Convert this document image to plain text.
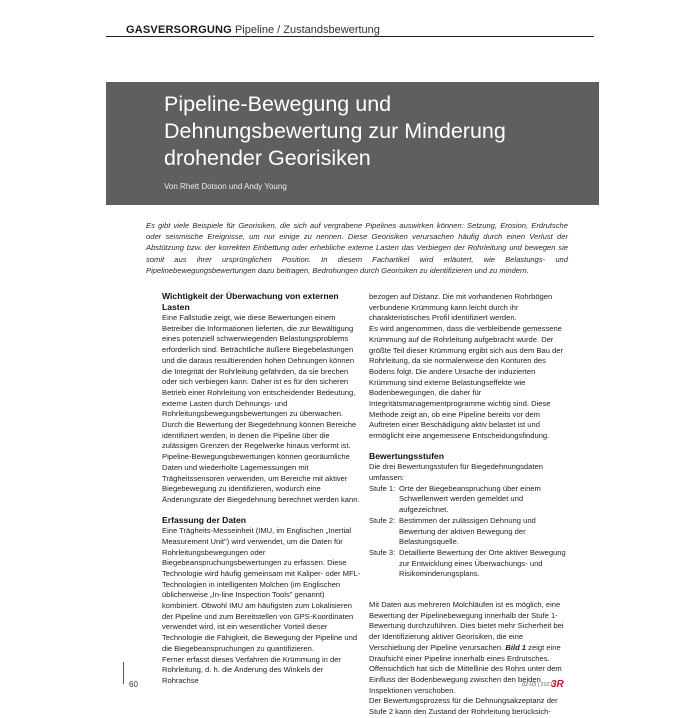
GASVERSORGUNG Pipeline / Zustandsbewertung
Pipeline-Bewegung und Dehnungsbewertung zur Minderung drohender Georisiken
Von Rhett Dotson und Andy Young

Es gibt viele Beispiele für Georisiken, die sich auf vergrabene Pipelines auswirken können: Setzung, Erosion, Erdrutsche oder seismische Ereignisse, um nur einige zu nennen. Diese Georisiken verursachen häufig durch einen Verlust der Abstützung bzw. der korrekten Einbettung oder erhebliche externe Lasten das Verbiegen der Rohrleitung und bewegen sie somit aus ihrer ursprünglichen Position. In diesem Fachartikel wird erläutert, wie Belastungs- und Pipelinebewegungsbewertungen dazu beitragen, Bedrohungen durch Georisiken zu identifizieren und zu mindern.

Wichtigkeit der Überwachung von externen Lasten

Eine Fallstudie zeigt, wie diese Bewertungen einem Betreiber die Informationen lieferten, die zur Bewältigung eines potenziell schwerwiegenden Belastungsproblems erforderlich sind. Beträchtliche äußere Biegebelastungen und die daraus resultierenden hohen Dehnungen können die Integrität der Rohrleitung gefährden, da sie brechen oder sich verbiegen kann. Daher ist es für den sicheren Betrieb einer Rohrleitung von entscheidender Bedeutung, externe Lasten durch Dehnungs- und Rohrleitungsbewegungsbewertungen zu überwachen. Durch die Bewertung der Biegedehnung können Bereiche identifiziert werden, in denen die Pipeline über die zulässigen Grenzen der Regelwerke hinaus verformt ist. Pipeline-Bewegungsbewertungen können georäumliche Daten und wiederholte Lagemessungen mit Trägheitssensoren verwenden, um Bereiche mit aktiver Biegebewegung zu identifizieren, wodurch eine Änderungsrate der Biegedehnung berechnet werden kann.

Erfassung der Daten

Eine Trägheits-Messeinheit (IMU, im Englischen „Inertial Measurement Unit") wird verwendet, um die Daten für Rohrleitungsbewegungen oder Biegebeanspruchungsbewertungen zu erfassen. Diese Technologie wird häufig gemeinsam mit Kaliper- oder MFL-Technologien in intelligenten Molchen (im Englischen üblicherweise „In-line Inspection Tools" genannt) kombiniert. Obwohl IMU am häufigsten zum Lokalisieren der Pipeline und zum Bereitstellen von GPS-Koordinaten verwendet wird, ist ein wesentlicher Vorteil dieser Technologie die Fähigkeit, die Bewegung der Pipeline und die Biegebeanspruchungen zu quantifizieren.

Ferner erfasst dieses Verfahren die Krümmung in der Rohrleitung, d. h. die Änderung des Winkels der Rohrachse

bezogen auf Distanz. Die mit vorhandenen Rohrbögen verbundene Krümmung kann leicht durch ihr charakteristisches Profil identifiziert werden.

Es wird angenommen, dass die verbleibende gemessene Krümmung auf die Rohrleitung aufgebracht wurde. Der größte Teil dieser Krümmung ergibt sich aus dem Bau der Rohrleitung, da sie normalerweise den Konturen des Bodens folgt. Die andere Ursache der induzierten Krümmung sind externe Belastungseffekte wie Bodenbewegungen, die daher für Integritätsmanagementprogramme wichtig sind. Diese Methode zeigt an, ob eine Pipeline bereits vor dem Auftreten einer Beschädigung aktiv belastet ist und ermöglicht eine angemessene Entscheidungsfindung.

Bewertungsstufen

Die drei Bewertungsstufen für Biegedehnungsdaten umfassen:

Stufe 1: Orte der Biegebeanspruchung über einem Schwellenwert werden gemeldet und aufgezeichnet.
Stufe 2: Bestimmen der zulässigen Dehnung und Bewertung der aktiven Bewegung der Belastungsquelle.
Stufe 3: Detaillierte Bewertung der Orte aktiver Bewegung zur Entwicklung eines Überwachungs- und Risikominderungsplans.

Mit Daten aus mehreren Molchläufen ist es möglich, eine Bewertung der Pipelinebewegung innerhalb der Stufe 1-Bewertung durchzuführen. Dies bietet mehr Sicherheit bei der Identifizierung aktiver Georisiken, die eine Verschiebung der Pipeline verursachen. Bild 1 zeigt eine Draufsicht einer Pipeline innerhalb eines Erdrutsches. Offensichtlich hat sich die Mittellinie des Rohrs unter dem Einfluss der Bodenbewegung zwischen den beiden Inspektionen verschoben.

Der Bewertungsprozess für die Dehnungsakzeptanz der Stufe 2 kann den Zustand der Rohrleitung berücksich-

60	02-03 | 2021
3R
